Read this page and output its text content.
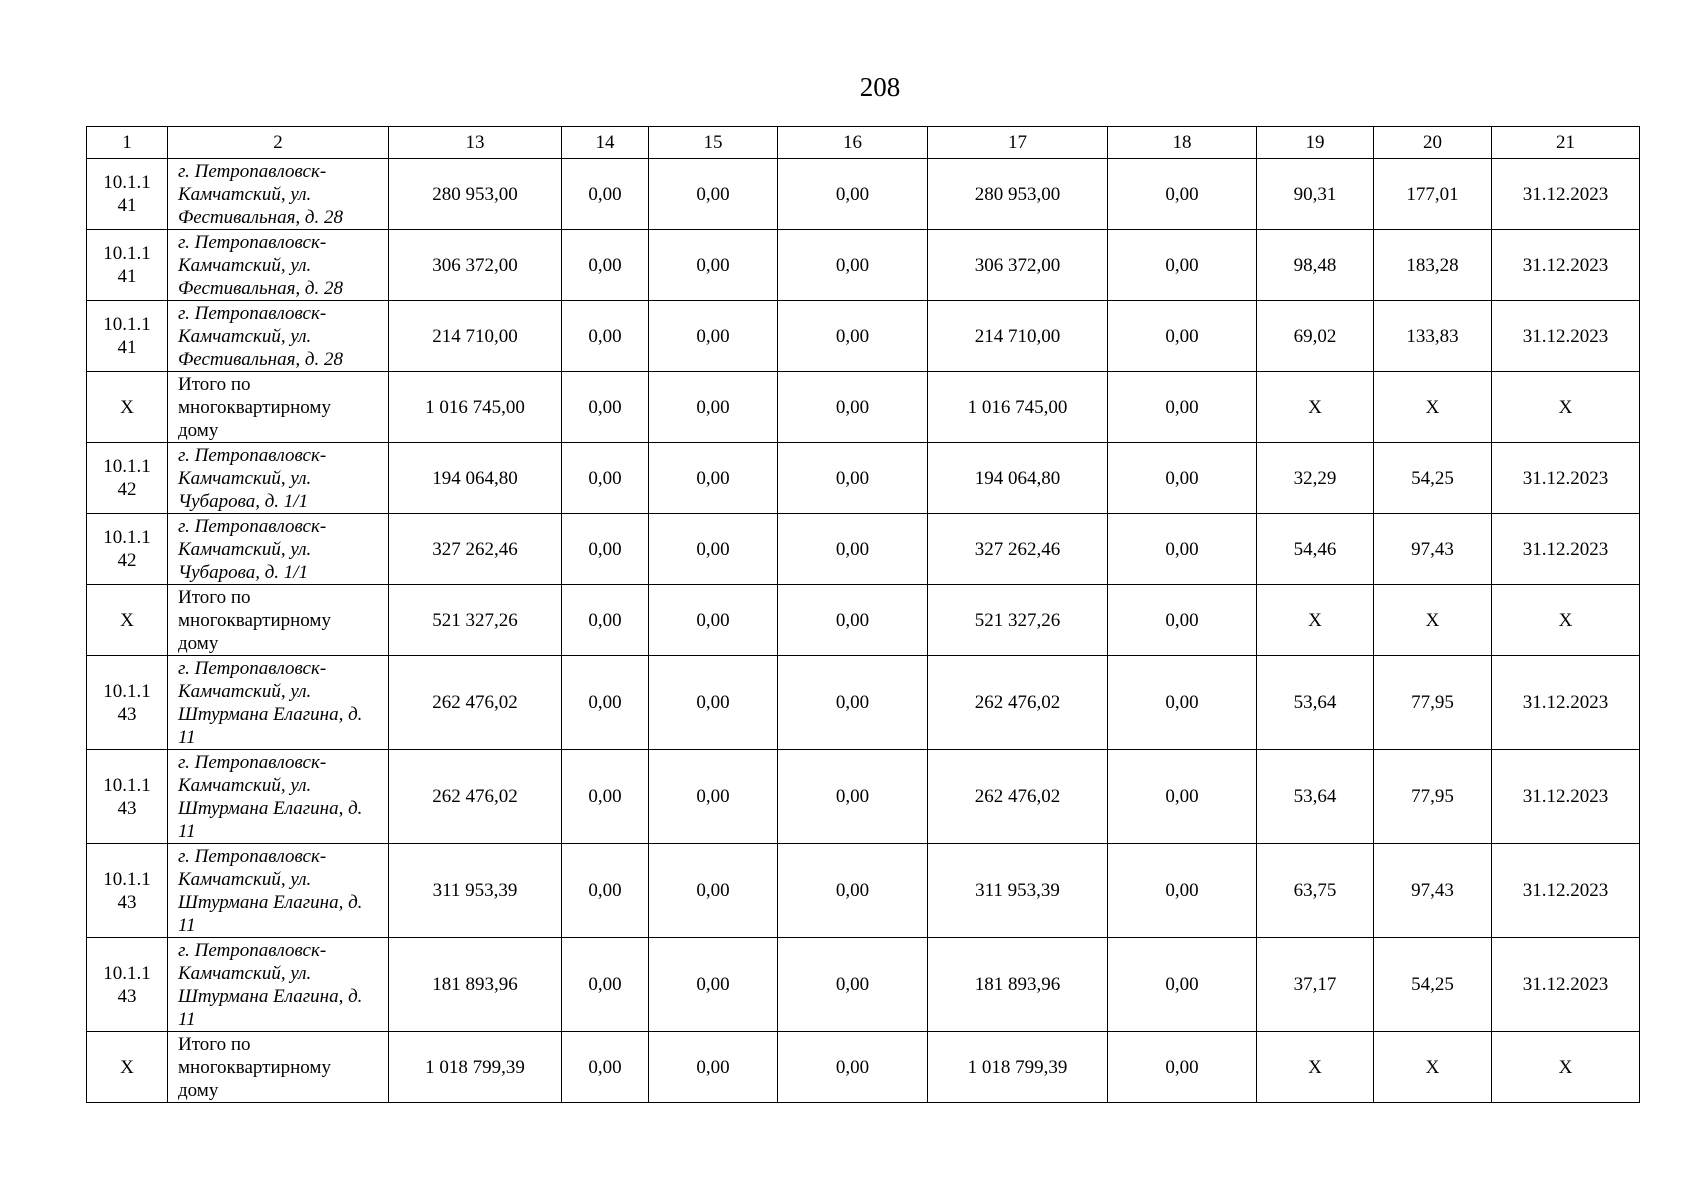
208
1	2	13	14	15	16	17	18	19	20	21
10.1.1
41	г. Петропавловск-
Камчатский, ул.
Фестивальная, д. 28	280 953,00	0,00	0,00	0,00	280 953,00	0,00	90,31	177,01	31.12.2023
10.1.1
41	г. Петропавловск-
Камчатский, ул.
Фестивальная, д. 28	306 372,00	0,00	0,00	0,00	306 372,00	0,00	98,48	183,28	31.12.2023
10.1.1
41	г. Петропавловск-
Камчатский, ул.
Фестивальная, д. 28	214 710,00	0,00	0,00	0,00	214 710,00	0,00	69,02	133,83	31.12.2023
X	Итого по
многоквартирному
дому	1 016 745,00	0,00	0,00	0,00	1 016 745,00	0,00	X	X	X
10.1.1
42	г. Петропавловск-
Камчатский, ул.
Чубарова, д. 1/1	194 064,80	0,00	0,00	0,00	194 064,80	0,00	32,29	54,25	31.12.2023
10.1.1
42	г. Петропавловск-
Камчатский, ул.
Чубарова, д. 1/1	327 262,46	0,00	0,00	0,00	327 262,46	0,00	54,46	97,43	31.12.2023
X	Итого по
многоквартирному
дому	521 327,26	0,00	0,00	0,00	521 327,26	0,00	X	X	X
10.1.1
43	г. Петропавловск-
Камчатский, ул.
Штурмана Елагина, д.
11	262 476,02	0,00	0,00	0,00	262 476,02	0,00	53,64	77,95	31.12.2023
10.1.1
43	г. Петропавловск-
Камчатский, ул.
Штурмана Елагина, д.
11	262 476,02	0,00	0,00	0,00	262 476,02	0,00	53,64	77,95	31.12.2023
10.1.1
43	г. Петропавловск-
Камчатский, ул.
Штурмана Елагина, д.
11	311 953,39	0,00	0,00	0,00	311 953,39	0,00	63,75	97,43	31.12.2023
10.1.1
43	г. Петропавловск-
Камчатский, ул.
Штурмана Елагина, д.
11	181 893,96	0,00	0,00	0,00	181 893,96	0,00	37,17	54,25	31.12.2023
X	Итого по
многоквартирному
дому	1 018 799,39	0,00	0,00	0,00	1 018 799,39	0,00	X	X	X
